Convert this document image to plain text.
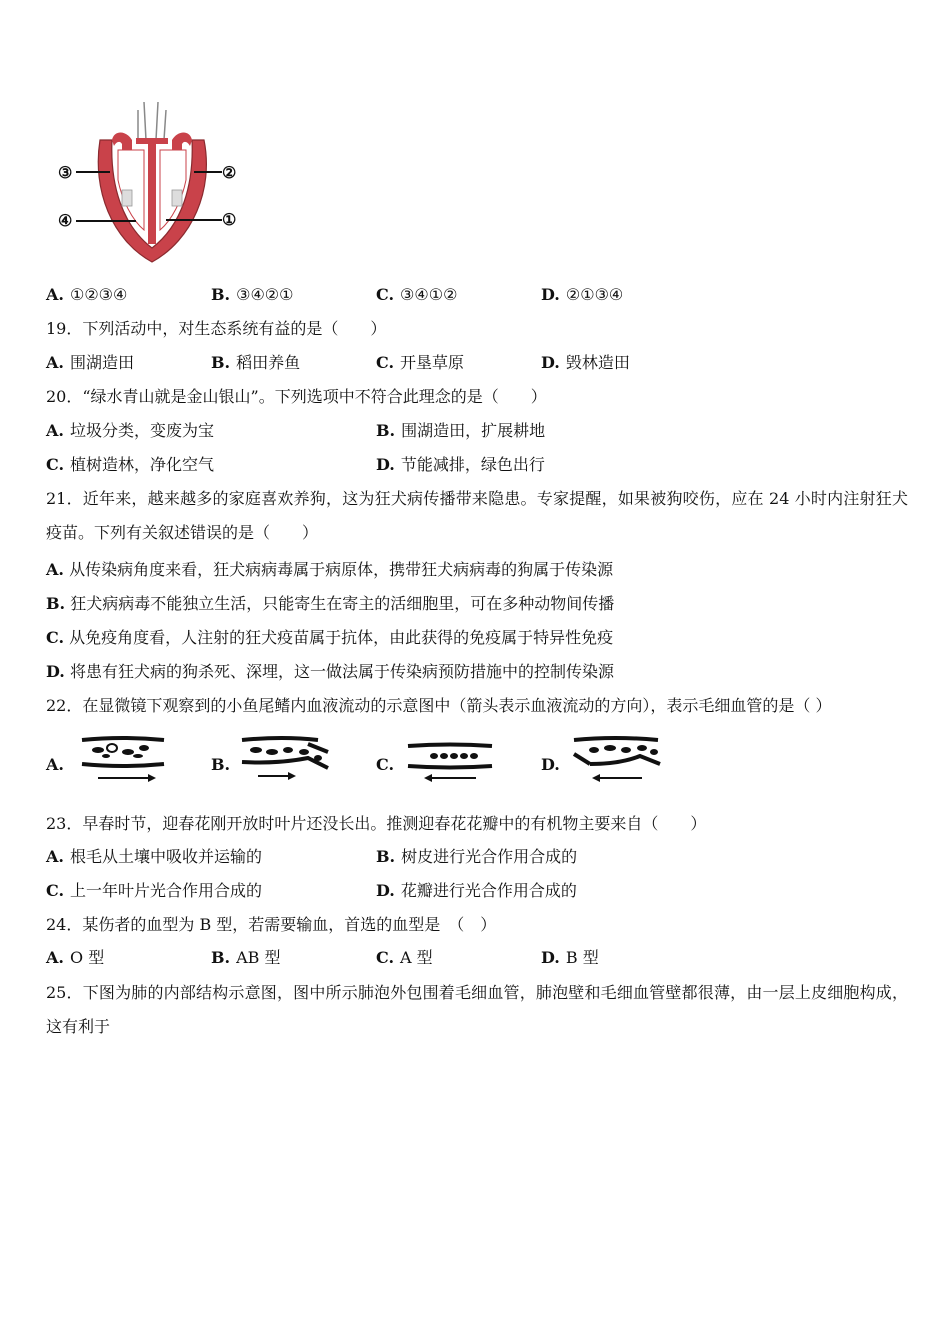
③
④
②
①
A. ①②③④	B. ③④②①	C. ③④①②	D. ②①③④
19．下列活动中，对生态系统有益的是（　　）
A. 围湖造田	B. 稻田养鱼	C. 开垦草原	D. 毁林造田
20．“绿水青山就是金山银山”。下列选项中不符合此理念的是（　　）
A. 垃圾分类，变废为宝	B. 围湖造田，扩展耕地
C. 植树造林，净化空气	D. 节能减排，绿色出行
21．近年来，越来越多的家庭喜欢养狗，这为狂犬病传播带来隐患。专家提醒，如果被狗咬伤，应在 24 小时内注射狂犬疫苗。下列有关叙述错误的是（　　）
A. 从传染病角度来看，狂犬病病毒属于病原体，携带狂犬病病毒的狗属于传染源
B. 狂犬病病毒不能独立生活，只能寄生在寄主的活细胞里，可在多种动物间传播
C. 从免疫角度看，人注射的狂犬疫苗属于抗体，由此获得的免疫属于特异性免疫
D. 将患有狂犬病的狗杀死、深埋，这一做法属于传染病预防措施中的控制传染源
22．在显微镜下观察到的小鱼尾鳍内血液流动的示意图中（箭头表示血液流动的方向），表示毛细血管的是（ ）
A.	B.	C.	D.
23．早春时节，迎春花刚开放时叶片还没长出。推测迎春花花瓣中的有机物主要来自（　　）
A. 根毛从土壤中吸收并运输的	B. 树皮进行光合作用合成的
C. 上一年叶片光合作用合成的	D. 花瓣进行光合作用合成的
24．某伤者的血型为 B 型，若需要输血，首选的血型是　（　）
A. O 型	B. AB 型	C. A 型	D. B 型
25．下图为肺的内部结构示意图，图中所示肺泡外包围着毛细血管，肺泡壁和毛细血管壁都很薄，由一层上皮细胞构成，这有利于
